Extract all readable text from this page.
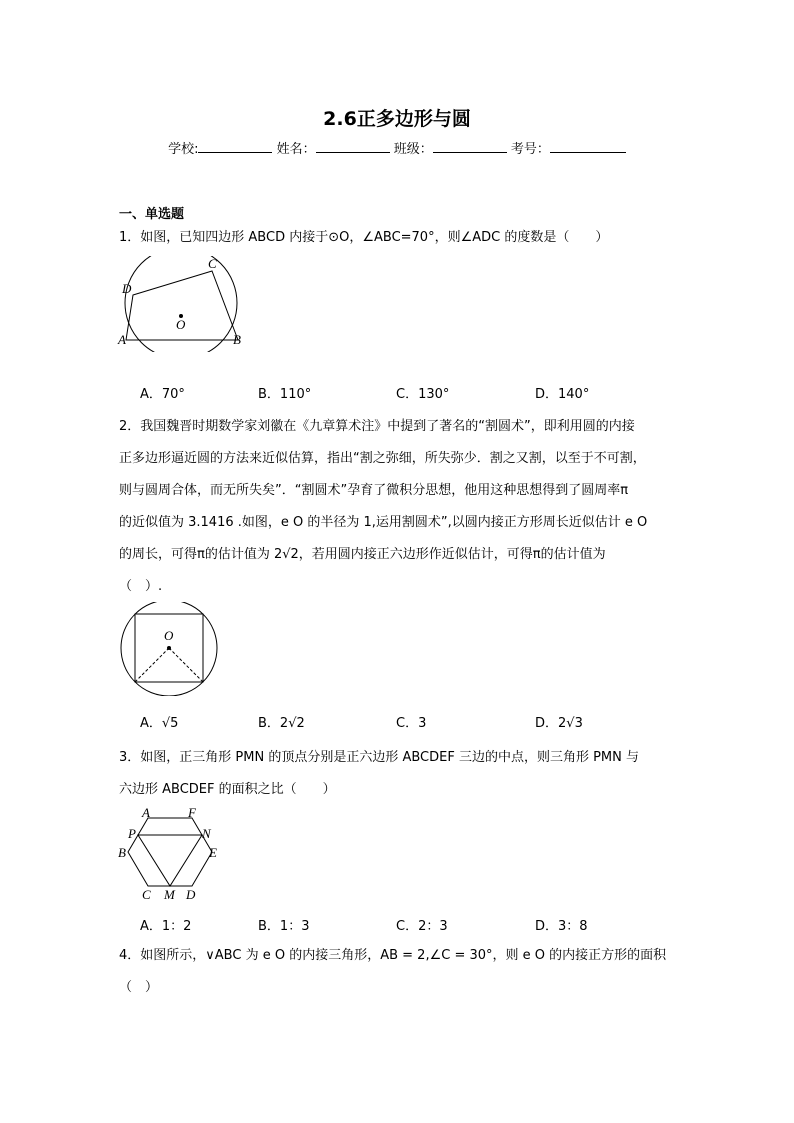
2.6正多边形与圆
学校:	姓名：	班级：	考号：
一、单选题
1．如图，已知四边形 ABCD 内接于⊙O，∠ABC=70°，则∠ADC 的度数是（　　）
C
D
O
A	B
A．70°	B．110°	C．130°	D．140°
2．我国魏晋时期数学家刘徽在《九章算术注》中提到了著名的“割圆术”，即利用圆的内接
正多边形逼近圆的方法来近似估算，指出“割之弥细，所失弥少．割之又割，以至于不可割，
则与圆周合体，而无所失矣”．“割圆术”孕育了微积分思想，他用这种思想得到了圆周率π
的近似值为 3.1416 .如图，e O 的半径为 1,运用割圆术”,以圆内接正方形周长近似估计 e O
的周长，可得π的估计值为 2√2，若用圆内接正六边形作近似估计，可得π的估计值为
（　）.
O
A．√5	B．2√2	C．3	D．2√3
3．如图，正三角形 PMN 的顶点分别是正六边形 ABCDEF 三边的中点，则三角形 PMN 与
六边形 ABCDEF 的面积之比（　　）
A	F
P	N
B	E
C M D
A．1：2	B．1：3	C．2：3	D．3：8
4．如图所示，∨ABC 为 e O 的内接三角形，AB = 2,∠C = 30°，则 e O 的内接正方形的面积
（　）
